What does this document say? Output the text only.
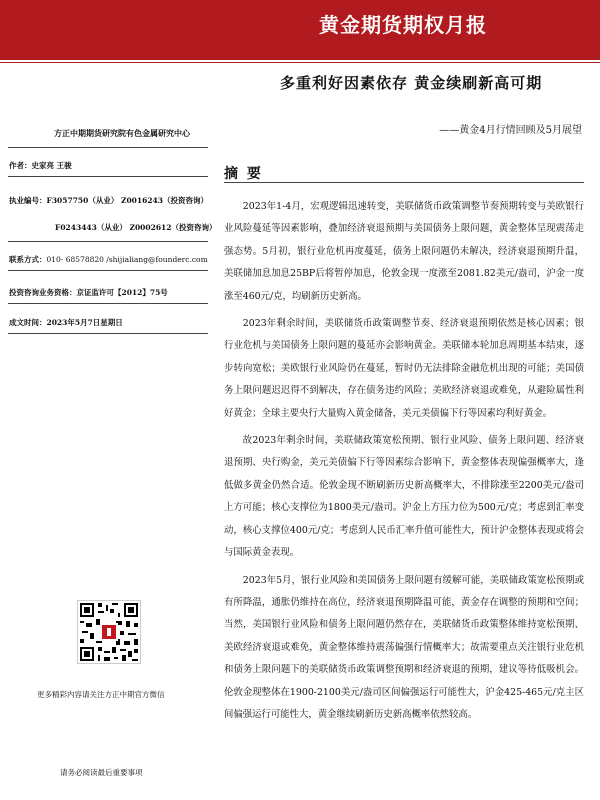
黄金期货期权月报
多重利好因素依存 黄金续刷新高可期
——黄金4月行情回顾及5月展望
方正中期期货研究院有色金属研究中心
作者：史家亮 王骏
执业编号：F3057750（从业） Z0016243（投资咨询）
F0243443（从业） Z0002612（投资咨询）
联系方式：010- 68578820 /shijialiang@founderc.com
投资咨询业务资格：京证监许可【2012】75号
成文时间：2023年5月7日星期日
更多精彩内容请关注方正中期官方微信
请务必阅读最后重要事项
摘 要

2023年1-4月，宏观逻辑迅速转变，美联储货币政策调整节奏预期转变与美欧银行业风险蔓延等因素影响，叠加经济衰退预期与美国债务上限问题，黄金整体呈现震荡走强态势。5月初，银行业危机再度蔓延，债务上限问题仍未解决，经济衰退预期升温，美联储加息加息25BP后将暂停加息，伦敦金现一度涨至2081.82美元/盎司，沪金一度涨至460元/克，均刷新历史新高。

2023年剩余时间，美联储货币政策调整节奏、经济衰退预期依然是核心因素；银行业危机与美国债务上限问题的蔓延亦会影响黄金。美联储本轮加息周期基本结束，逐步转向宽松；美欧银行业风险仍在蔓延，暂时仍无法排除金融危机出现的可能；美国债务上限问题迟迟得不到解决，存在债务违约风险；美欧经济衰退或难免，从避险属性利好黄金；全球主要央行大量购入黄金储备，美元美债偏下行等因素均利好黄金。

故2023年剩余时间，美联储政策宽松预期、银行业风险、债务上限问题、经济衰退预期、央行购金，美元美债偏下行等因素综合影响下，黄金整体表现偏强概率大，逢低做多黄金仍然合适。伦敦金现不断刷新历史新高概率大，不排除涨至2200美元/盎司上方可能；核心支撑位为1800美元/盎司。沪金上方压力位为500元/克；考虑到汇率变动，核心支撑位400元/克；考虑到人民币汇率升值可能性大，预计沪金整体表现或将会与国际黄金表现。

2023年5月，银行业风险和美国债务上限问题有缓解可能，美联储政策宽松预期或有所降温，通胀仍维持在高位，经济衰退预期降温可能，黄金存在调整的预期和空间；当然，美国银行业风险和债务上限问题仍然存在，美联储货币政策整体维持宽松预期、美欧经济衰退或难免，黄金整体维持震荡偏强行情概率大；故需要重点关注银行业危机和债务上限问题下的美联储货币政策调整预期和经济衰退的预期，建议等待低吸机会。伦敦金现整体在1900-2100美元/盎司区间偏强运行可能性大，沪金425-465元/克主区间偏强运行可能性大，黄金继续刷新历史新高概率依然较高。
